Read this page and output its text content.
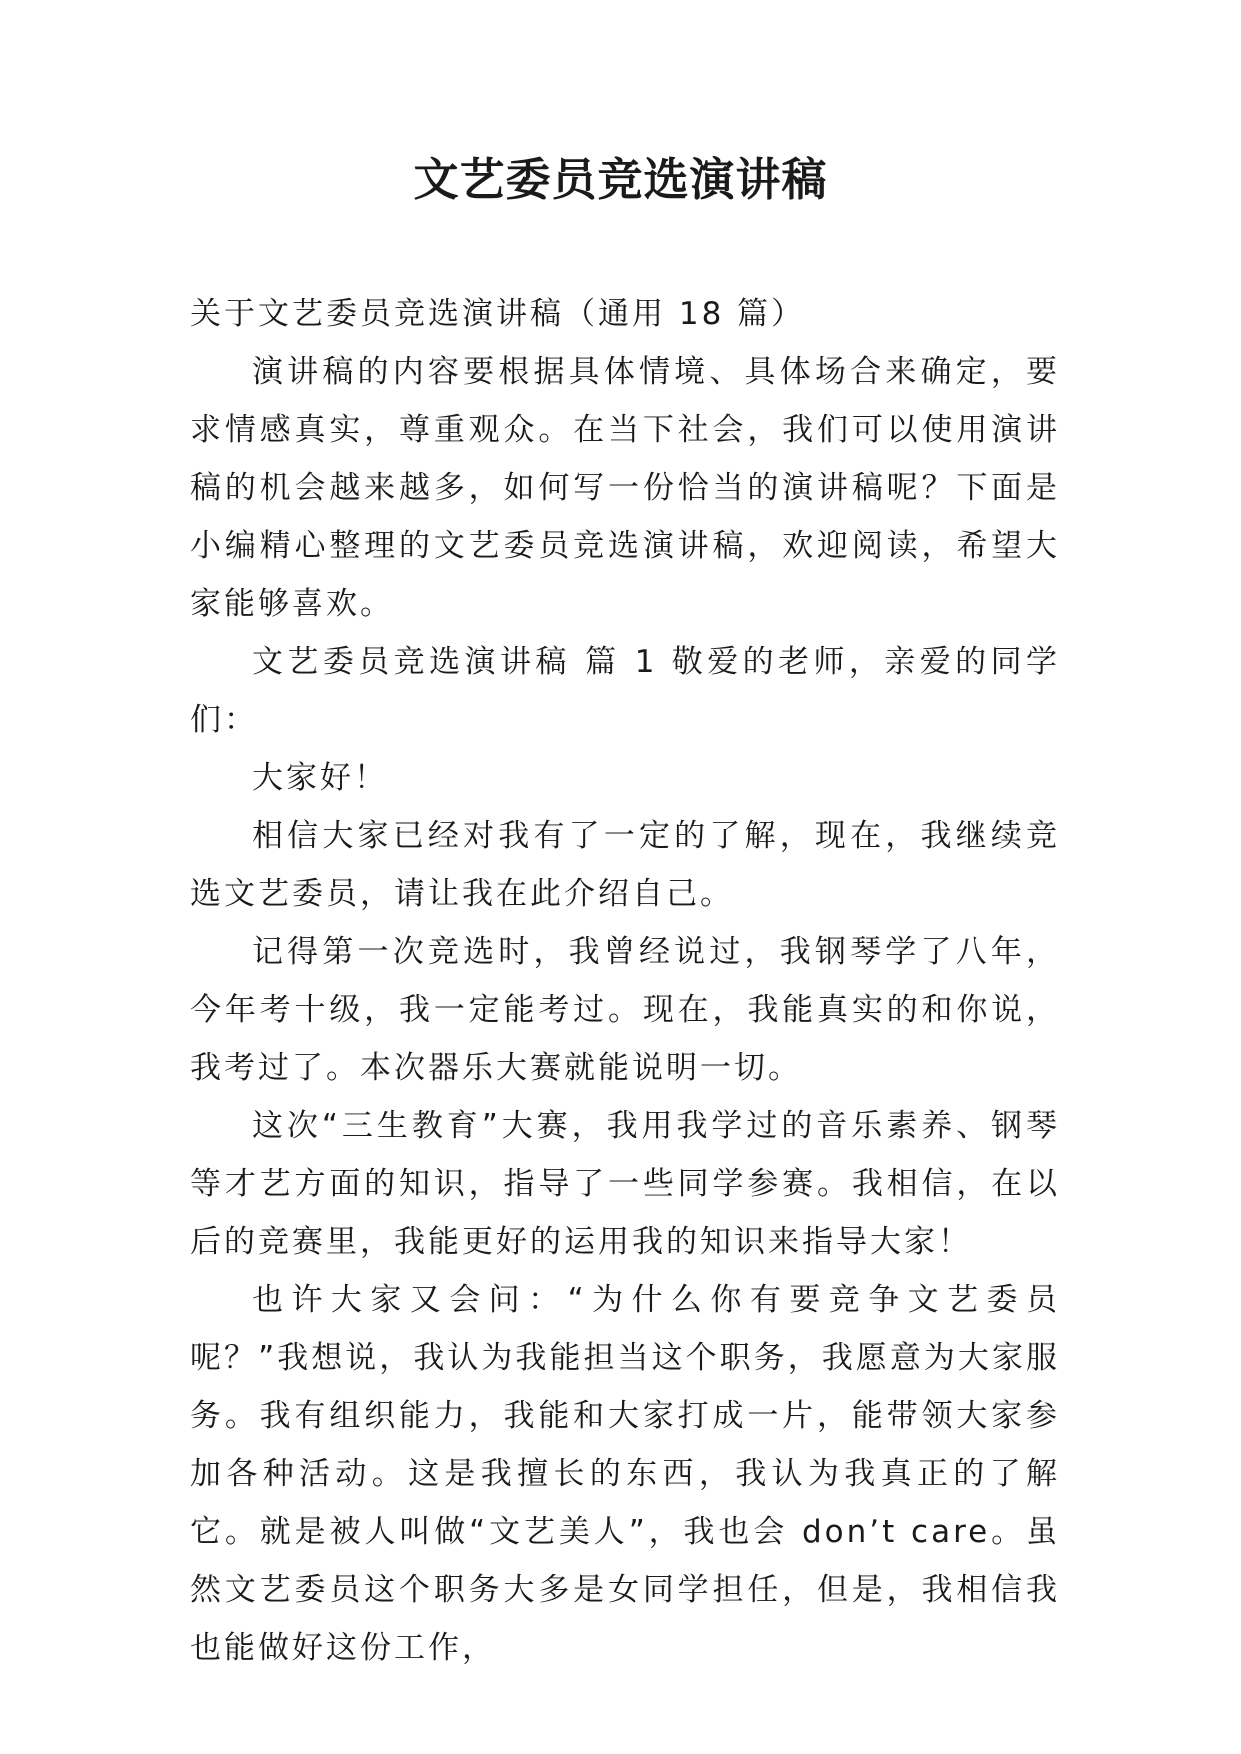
文艺委员竞选演讲稿

关于文艺委员竞选演讲稿（通用 18 篇）

演讲稿的内容要根据具体情境、具体场合来确定，要求情感真实，尊重观众。在当下社会，我们可以使用演讲稿的机会越来越多，如何写一份恰当的演讲稿呢？下面是小编精心整理的文艺委员竞选演讲稿，欢迎阅读，希望大家能够喜欢。

文艺委员竞选演讲稿 篇 1 敬爱的老师，亲爱的同学们：

大家好！

相信大家已经对我有了一定的了解，现在，我继续竞选文艺委员，请让我在此介绍自己。

记得第一次竞选时，我曾经说过，我钢琴学了八年，今年考十级，我一定能考过。现在，我能真实的和你说，我考过了。本次器乐大赛就能说明一切。

这次“三生教育”大赛，我用我学过的音乐素养、钢琴等才艺方面的知识，指导了一些同学参赛。我相信，在以后的竞赛里，我能更好的运用我的知识来指导大家！

也许大家又会问：“为什么你有要竞争文艺委员呢？”我想说，我认为我能担当这个职务，我愿意为大家服务。我有组织能力，我能和大家打成一片，能带领大家参加各种活动。这是我擅长的东西，我认为我真正的了解它。就是被人叫做“文艺美人”，我也会 don’t care。虽然文艺委员这个职务大多是女同学担任，但是，我相信我也能做好这份工作，
